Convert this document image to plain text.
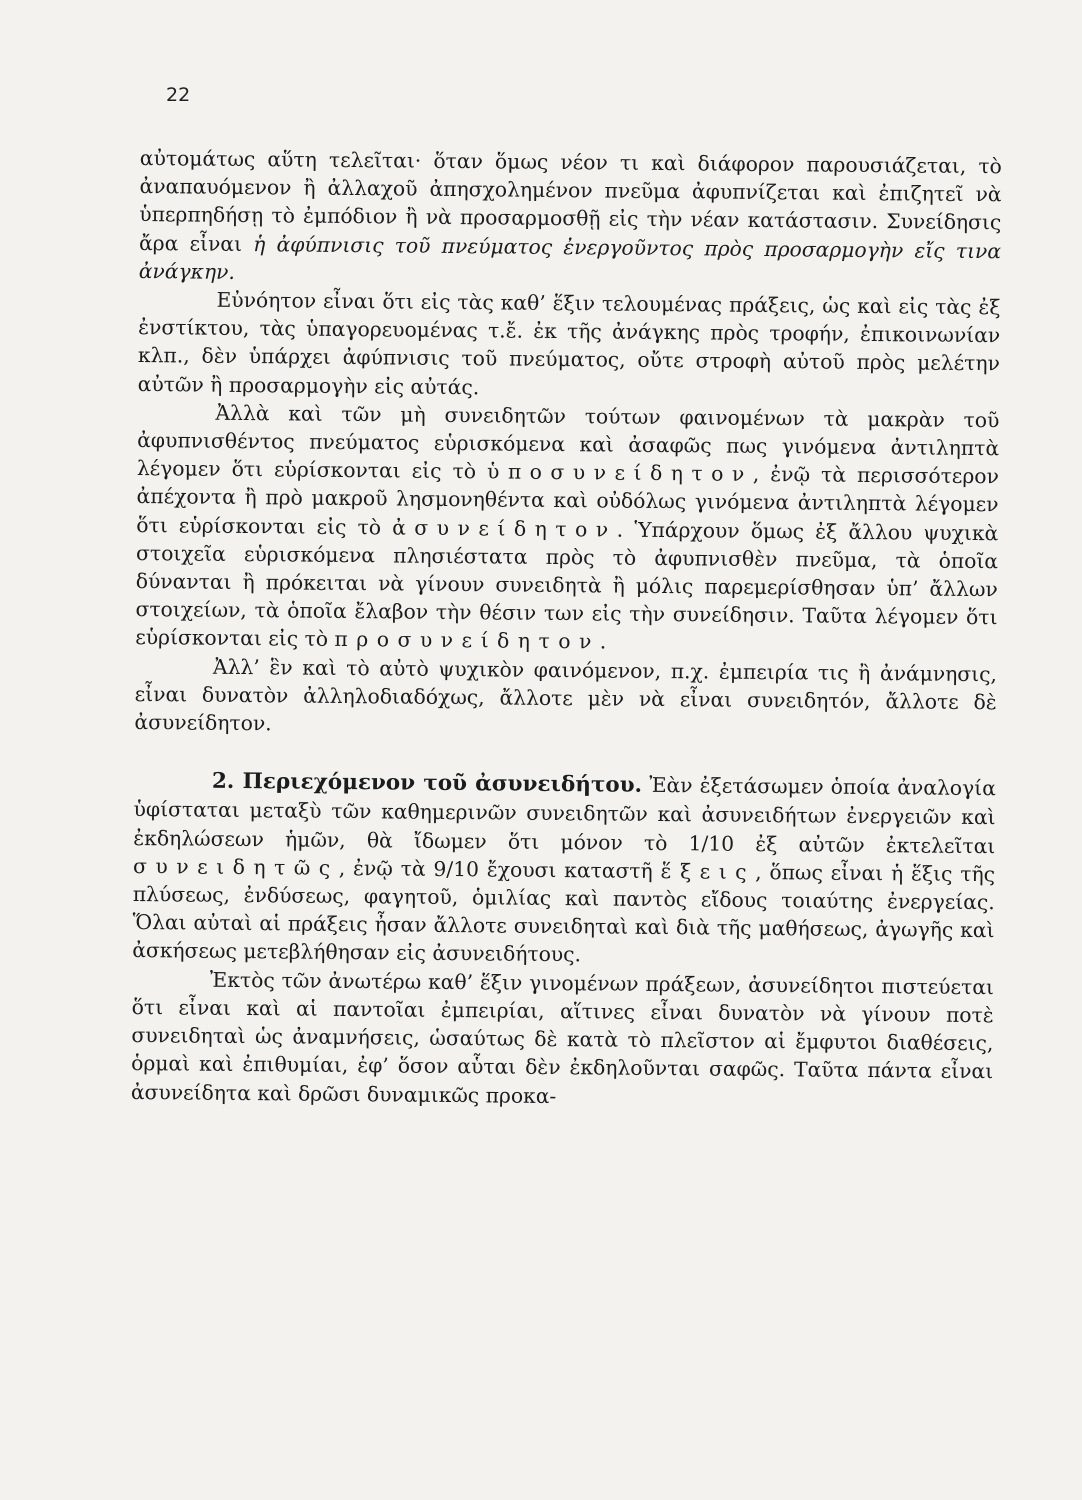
22

αὐτομάτως αὕτη τελεῖται· ὅταν ὅμως νέον τι καὶ διάφορον παρουσιάζεται, τὸ ἀναπαυόμενον ἢ ἀλλαχοῦ ἀπησχολημένον πνεῦμα ἀφυπνίζεται καὶ ἐπιζητεῖ νὰ ὑπερπηδήσῃ τὸ ἐμπόδιον ἢ νὰ προσαρμοσθῇ εἰς τὴν νέαν κατάστασιν. Συνείδησις ἄρα εἶναι ἡ ἀφύπνισις τοῦ πνεύματος ἐνεργοῦντος πρὸς προσαρμογὴν εἴς τινα ἀνάγκην.

Εὐνόητον εἶναι ὅτι εἰς τὰς καθ’ ἕξιν τελουμένας πράξεις, ὡς καὶ εἰς τὰς ἐξ ἐνστίκτου, τὰς ὑπαγορευομένας τ.ἔ. ἐκ τῆς ἀνάγκης πρὸς τροφήν, ἐπικοινωνίαν κλπ., δὲν ὑπάρχει ἀφύπνισις τοῦ πνεύματος, οὔτε στροφὴ αὐτοῦ πρὸς μελέτην αὐτῶν ἢ προσαρμογὴν εἰς αὐτάς.

Ἀλλὰ καὶ τῶν μὴ συνειδητῶν τούτων φαινομένων τὰ μακρὰν τοῦ ἀφυπνισθέντος πνεύματος εὑρισκόμενα καὶ ἀσαφῶς πως γινόμενα ἀντιληπτὰ λέγομεν ὅτι εὑρίσκονται εἰς τὸ ὑποσυνείδητον, ἐνῷ τὰ περισσότερον ἀπέχοντα ἢ πρὸ μακροῦ λησμονηθέντα καὶ οὐδόλως γινόμενα ἀντιληπτὰ λέγομεν ὅτι εὑρίσκονται εἰς τὸ ἀσυνείδητον. Ὑπάρχουν ὅμως ἐξ ἄλλου ψυχικὰ στοιχεῖα εὑρισκόμενα πλησιέστατα πρὸς τὸ ἀφυπνισθὲν πνεῦμα, τὰ ὁποῖα δύνανται ἢ πρόκειται νὰ γίνουν συνειδητὰ ἢ μόλις παρεμερίσθησαν ὑπ’ ἄλλων στοιχείων, τὰ ὁποῖα ἔλαβον τὴν θέσιν των εἰς τὴν συνείδησιν. Ταῦτα λέγομεν ὅτι εὑρίσκονται εἰς τὸ προσυνείδητον.

Ἀλλ’ ἓν καὶ τὸ αὐτὸ ψυχικὸν φαινόμενον, π.χ. ἐμπειρία τις ἢ ἀνάμνησις, εἶναι δυνατὸν ἀλληλοδιαδόχως, ἄλλοτε μὲν νὰ εἶναι συνειδητόν, ἄλλοτε δὲ ἀσυνείδητον.

2. Περιεχόμενον τοῦ ἀσυνειδήτου. Ἐὰν ἐξετάσωμεν ὁποία ἀναλογία ὑφίσταται μεταξὺ τῶν καθημερινῶν συνειδητῶν καὶ ἀσυνειδήτων ἐνεργειῶν καὶ ἐκδηλώσεων ἡμῶν, θὰ ἴδωμεν ὅτι μόνον τὸ 1/10 ἐξ αὐτῶν ἐκτελεῖται συνειδητῶς, ἐνῷ τὰ 9/10 ἔχουσι καταστῆ ἕξεις, ὅπως εἶναι ἡ ἕξις τῆς πλύσεως, ἐνδύσεως, φαγητοῦ, ὁμιλίας καὶ παντὸς εἴδους τοιαύτης ἐνεργείας. Ὅλαι αὐταὶ αἱ πράξεις ἦσαν ἄλλοτε συνειδηταὶ καὶ διὰ τῆς μαθήσεως, ἀγωγῆς καὶ ἀσκήσεως μετεβλήθησαν εἰς ἀσυνειδήτους.

Ἐκτὸς τῶν ἀνωτέρω καθ’ ἕξιν γινομένων πράξεων, ἀσυνείδητοι πιστεύεται ὅτι εἶναι καὶ αἱ παντοῖαι ἐμπειρίαι, αἵτινες εἶναι δυνατὸν νὰ γίνουν ποτὲ συνειδηταὶ ὡς ἀναμνήσεις, ὡσαύτως δὲ κατὰ τὸ πλεῖστον αἱ ἔμφυτοι διαθέσεις, ὁρμαὶ καὶ ἐπιθυμίαι, ἐφ’ ὅσον αὗται δὲν ἐκδηλοῦνται σαφῶς. Ταῦτα πάντα εἶναι ἀσυνείδητα καὶ δρῶσι δυναμικῶς προκα-
